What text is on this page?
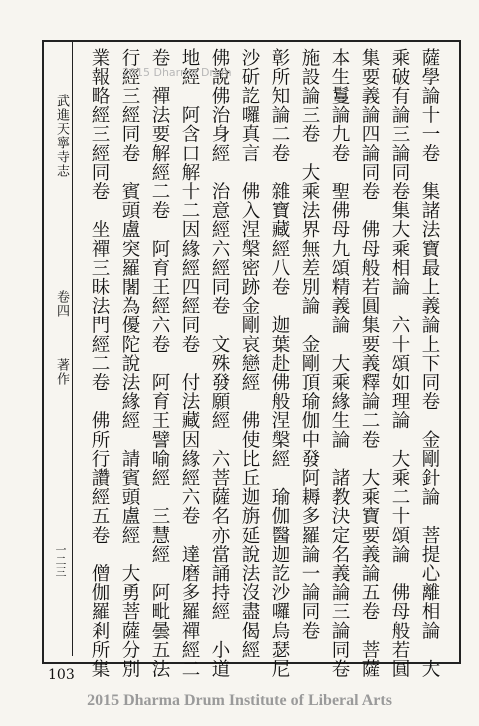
武進天寧寺志
卷四
著作
一二三	薩學論十一卷　集諸法寶最上義論上下同卷　金剛針論　菩提心離相論　大
乘破有論三論同卷集大乘相論　六十頌如理論　大乘二十頌論　佛母般若圓
集要義論四論同卷　佛母般若圓集要義釋論二卷　大乘寶要義論五卷　菩薩
本生鬘論九卷　聖佛母九頌精義論　大乘緣生論　諸教決定名義論三論同卷
施設論三卷　大乘法界無差別論　金剛頂瑜伽中發阿耨多羅論一論同卷
彰所知論二卷　雜寶藏經八卷　迦葉赴佛般涅槃經　瑜伽醫迦訖沙囉烏瑟尼
沙斫訖囉真言　佛入涅槃密跡金剛哀戀經　佛使比丘迦旃延說法沒盡偈經
佛說佛治身經　治意經六經同卷　文殊發願經　六菩薩名亦當誦持經　小道
地經　阿含口解十二因緣經四經同卷　付法藏因緣經六卷　達磨多羅禪經二
卷　禪法要解經二卷　阿育王經六卷　阿育王譬喻經　三慧經　阿毗曇五法
行經三經同卷　賓頭盧突羅闍為優陀說法緣經　請賓頭盧經　大勇菩薩分別
業報略經三經同卷　坐禪三昧法門經二卷　佛所行讚經五卷　僧伽羅剎所集 2015 Dharma Drum
103
2015 Dharma Drum Institute of Liberal Arts
